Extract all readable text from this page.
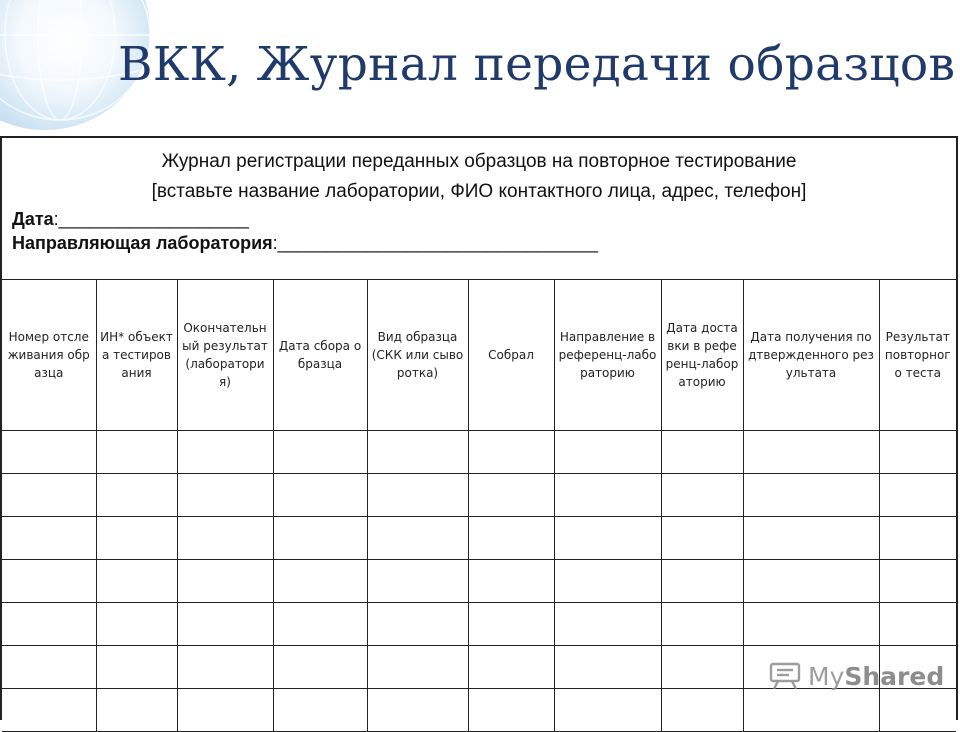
ВКК, Журнал передачи образцов
Журнал регистрации переданных образцов на повторное тестирование
[вставьте название лаборатории, ФИО контактного лица, адрес, телефон]
Дата:___________________
Направляющая лаборатория:________________________________
Номер отслеживания образца	ИН* объекта тестирования	Окончательный результат (лаборатория)	Дата сбора образца	Вид образца (СКК или сыворотка)	Собрал	Направление в референц-лабораторию	Дата доставки в референц-лабораторию	Дата получения подтвержденного результата	Результат повторного теста

MyShared
